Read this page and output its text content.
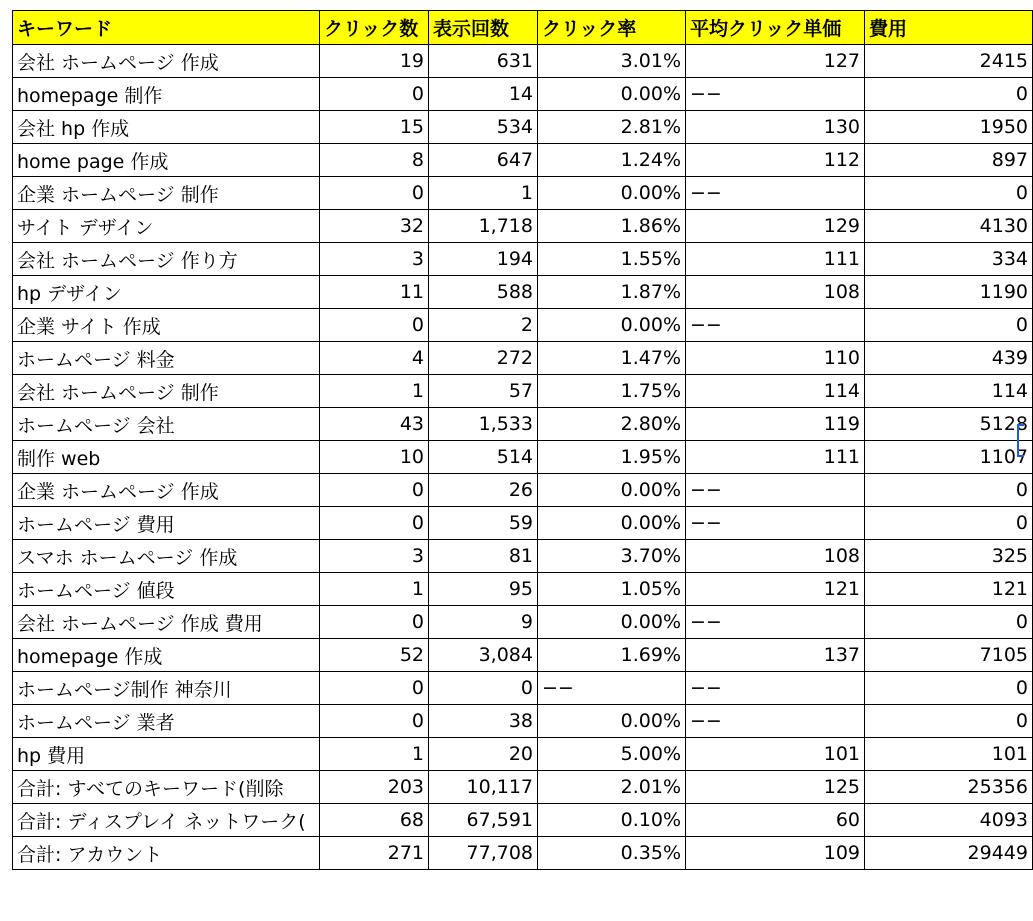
キーワード	クリック数	表示回数	クリック率	平均クリック単価	費用
会社 ホームページ 作成	19	631	3.01%	127	2415
homepage 制作	0	14	0.00%	−−	0
会社 hp 作成	15	534	2.81%	130	1950
home page 作成	8	647	1.24%	112	897
企業 ホームページ 制作	0	1	0.00%	−−	0
サイト デザイン	32	1,718	1.86%	129	4130
会社 ホームページ 作り方	3	194	1.55%	111	334
hp デザイン	11	588	1.87%	108	1190
企業 サイト 作成	0	2	0.00%	−−	0
ホームページ 料金	4	272	1.47%	110	439
会社 ホームページ 制作	1	57	1.75%	114	114
ホームページ 会社	43	1,533	2.80%	119	5128
制作 web	10	514	1.95%	111	1107
企業 ホームページ 作成	0	26	0.00%	−−	0
ホームページ 費用	0	59	0.00%	−−	0
スマホ ホームページ 作成	3	81	3.70%	108	325
ホームページ 値段	1	95	1.05%	121	121
会社 ホームページ 作成 費用	0	9	0.00%	−−	0
homepage 作成	52	3,084	1.69%	137	7105
ホームページ制作 神奈川	0	0	−−	−−	0
ホームページ 業者	0	38	0.00%	−−	0
hp 費用	1	20	5.00%	101	101
合計: すべてのキーワード(削除	203	10,117	2.01%	125	25356
合計: ディスプレイ ネットワーク(	68	67,591	0.10%	60	4093
合計: アカウント	271	77,708	0.35%	109	29449
